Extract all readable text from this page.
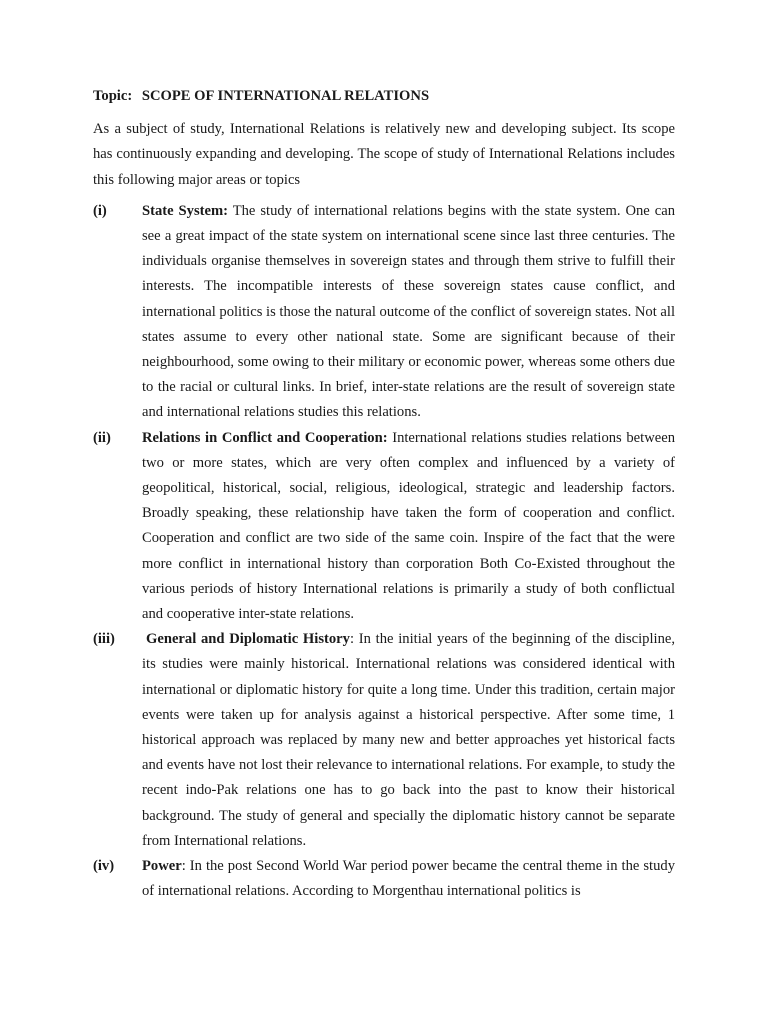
Topic: SCOPE OF INTERNATIONAL RELATIONS

As a subject of study, International Relations is relatively new and developing subject. Its scope has continuously expanding and developing. The scope of study of International Relations includes this following major areas or topics

(i)	State System: The study of international relations begins with the state system. One can see a great impact of the state system on international scene since last three centuries. The individuals organise themselves in sovereign states and through them strive to fulfill their interests. The incompatible interests of these sovereign states cause conflict, and international politics is those the natural outcome of the conflict of sovereign states. Not all states assume to every other national state. Some are significant because of their neighbourhood, some owing to their military or economic power, whereas some others due to the racial or cultural links. In brief, inter-state relations are the result of sovereign state and international relations studies this relations.
(ii)	Relations in Conflict and Cooperation: International relations studies relations between two or more states, which are very often complex and influenced by a variety of geopolitical, historical, social, religious, ideological, strategic and leadership factors. Broadly speaking, these relationship have taken the form of cooperation and conflict. Cooperation and conflict are two side of the same coin. Inspire of the fact that the were more conflict in international history than corporation Both Co-Existed throughout the various periods of history International relations is primarily a study of both conflictual and cooperative inter-state relations.
(iii)	General and Diplomatic History: In the initial years of the beginning of the discipline, its studies were mainly historical. International relations was considered identical with international or diplomatic history for quite a long time. Under this tradition, certain major events were taken up for analysis against a historical perspective. After some time, 1 historical approach was replaced by many new and better approaches yet historical facts and events have not lost their relevance to international relations. For example, to study the recent indo-Pak relations one has to go back into the past to know their historical background. The study of general and specially the diplomatic history cannot be separate from International relations.
(iv)	Power: In the post Second World War period power became the central theme in the study of international relations. According to Morgenthau international politics is
